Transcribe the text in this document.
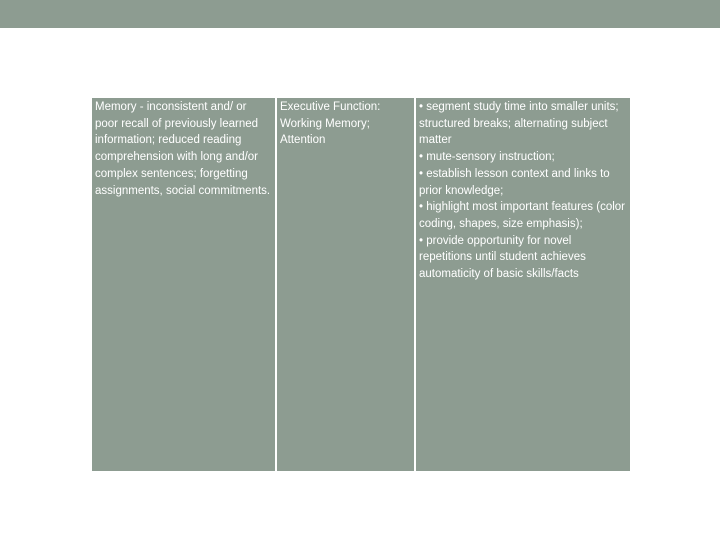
Memory - inconsistent and/ or poor recall of previously learned information; reduced reading comprehension with long and/or complex sentences; forgetting assignments, social commitments.

Executive Function: Working Memory; Attention

• segment study time into smaller units; structured breaks; alternating subject matter
• mute-sensory instruction;
• establish lesson context and links to prior knowledge;
• highlight most important features (color coding, shapes, size emphasis);
• provide opportunity for novel repetitions until student achieves automaticity of basic skills/facts
